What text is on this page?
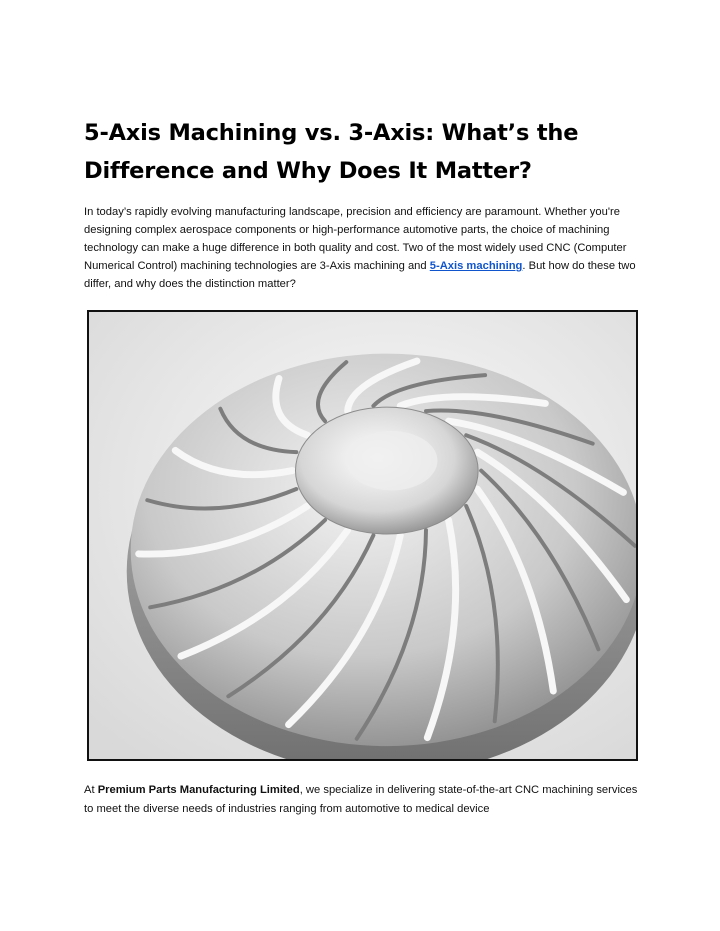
5-Axis Machining vs. 3-Axis: What’s the Difference and Why Does It Matter?

In today’s rapidly evolving manufacturing landscape, precision and efficiency are paramount. Whether you're designing complex aerospace components or high-performance automotive parts, the choice of machining technology can make a huge difference in both quality and cost. Two of the most widely used CNC (Computer Numerical Control) machining technologies are 3-Axis machining and 5-Axis machining. But how do these two differ, and why does the distinction matter?

At Premium Parts Manufacturing Limited, we specialize in delivering state-of-the-art CNC machining services to meet the diverse needs of industries ranging from automotive to medical device
